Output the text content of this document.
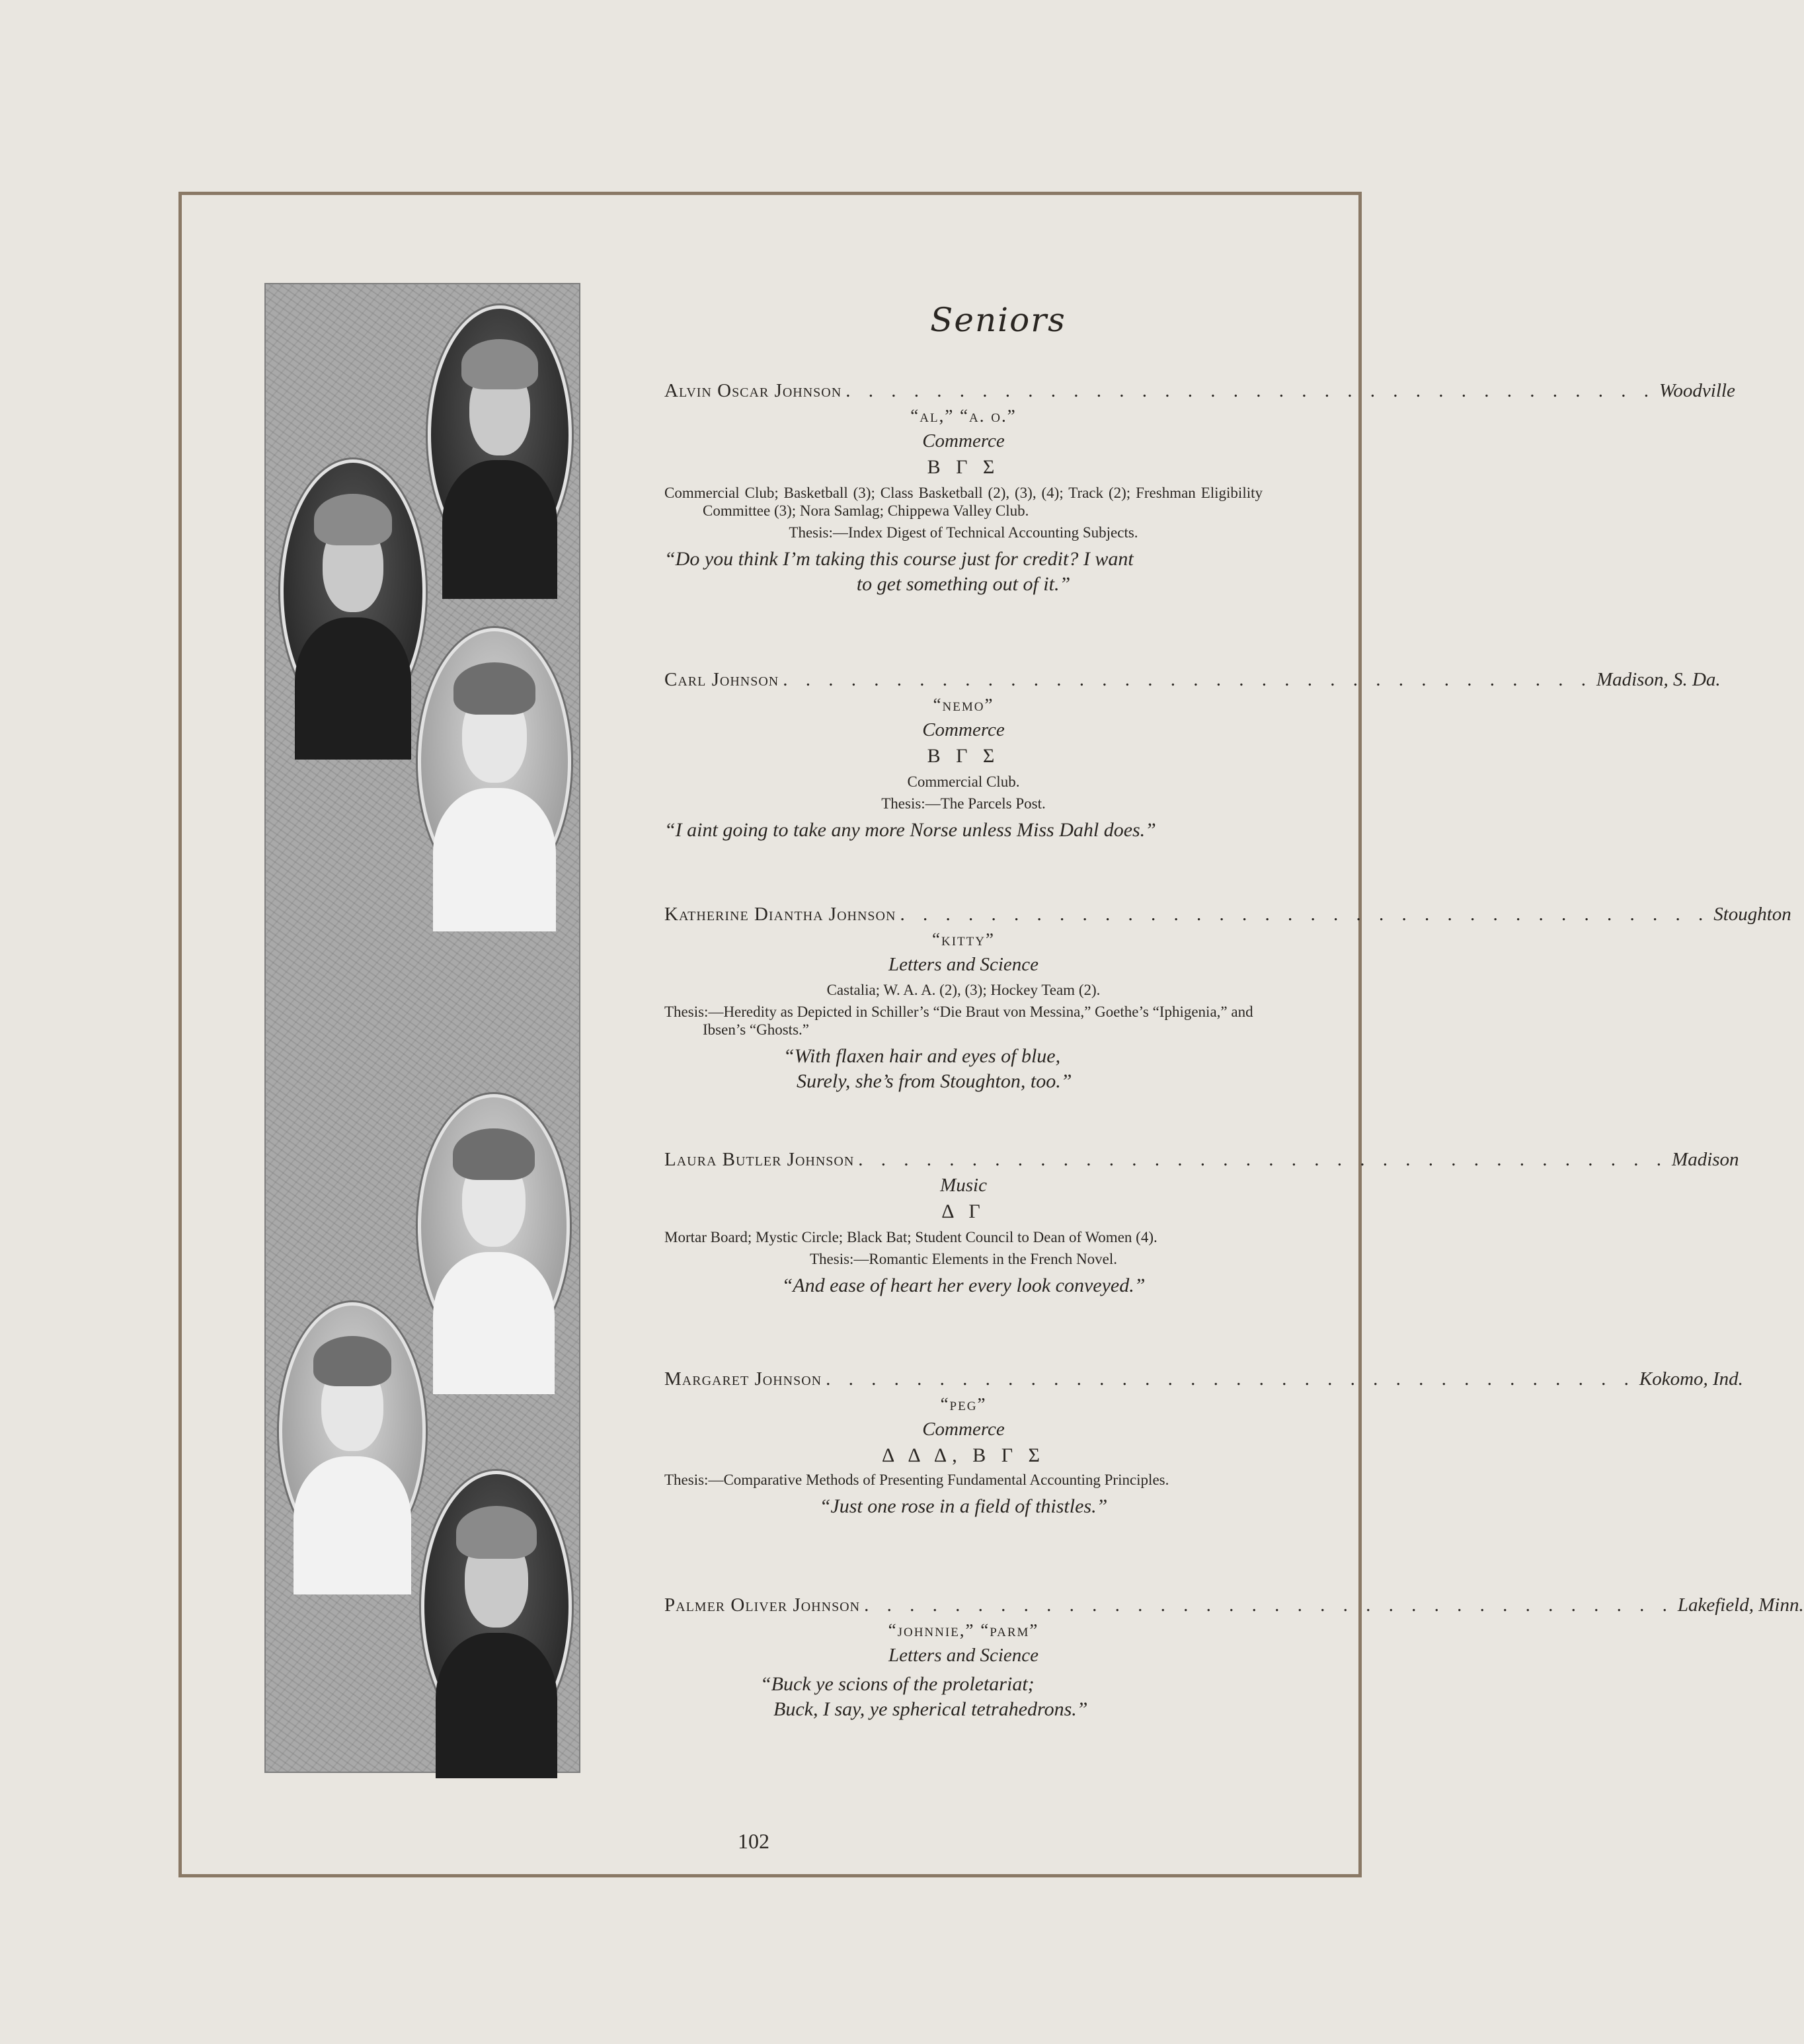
Seniors
Alvin Oscar Johnson . . . . . . . . . . . . . . . . . . . . . . . . . . . . . . . . . . . . Woodville
“al,” “a. o.”
Commerce
Β Γ Σ
Commercial Club; Basketball (3); Class Basketball (2), (3), (4); Track (2); Freshman Eligibility Committee (3); Nora Samlag; Chippewa Valley Club.
Thesis:—Index Digest of Technical Accounting Subjects.
“Do you think I’m taking this course just for credit? I want
to get something out of it.”
Carl Johnson . . . . . . . . . . . . . . . . . . . . . . . . . . . . . . . . . . . . Madison, S. Da.
“nemo”
Commerce
Β Γ Σ
Commercial Club.
Thesis:—The Parcels Post.
“I aint going to take any more Norse unless Miss Dahl does.”
Katherine Diantha Johnson . . . . . . . . . . . . . . . . . . . . . . . . . . . . . . . . . . . . Stoughton
“kitty”
Letters and Science
Castalia; W. A. A. (2), (3); Hockey Team (2).
Thesis:—Heredity as Depicted in Schiller’s “Die Braut von Messina,” Goethe’s “Iphigenia,” and Ibsen’s “Ghosts.”
“With flaxen hair and eyes of blue,
Surely, she’s from Stoughton, too.”
Laura Butler Johnson . . . . . . . . . . . . . . . . . . . . . . . . . . . . . . . . . . . . Madison
Music
Δ Γ
Mortar Board; Mystic Circle; Black Bat; Student Council to Dean of Women (4).
Thesis:—Romantic Elements in the French Novel.
“And ease of heart her every look conveyed.”
Margaret Johnson . . . . . . . . . . . . . . . . . . . . . . . . . . . . . . . . . . . . Kokomo, Ind.
“peg”
Commerce
Δ Δ Δ, Β Γ Σ
Thesis:—Comparative Methods of Presenting Fundamental Accounting Principles.
“Just one rose in a field of thistles.”
Palmer Oliver Johnson . . . . . . . . . . . . . . . . . . . . . . . . . . . . . . . . . . . . Lakefield, Minn.
“johnnie,” “parm”
Letters and Science
“Buck ye scions of the proletariat;
Buck, I say, ye spherical tetrahedrons.”
102
